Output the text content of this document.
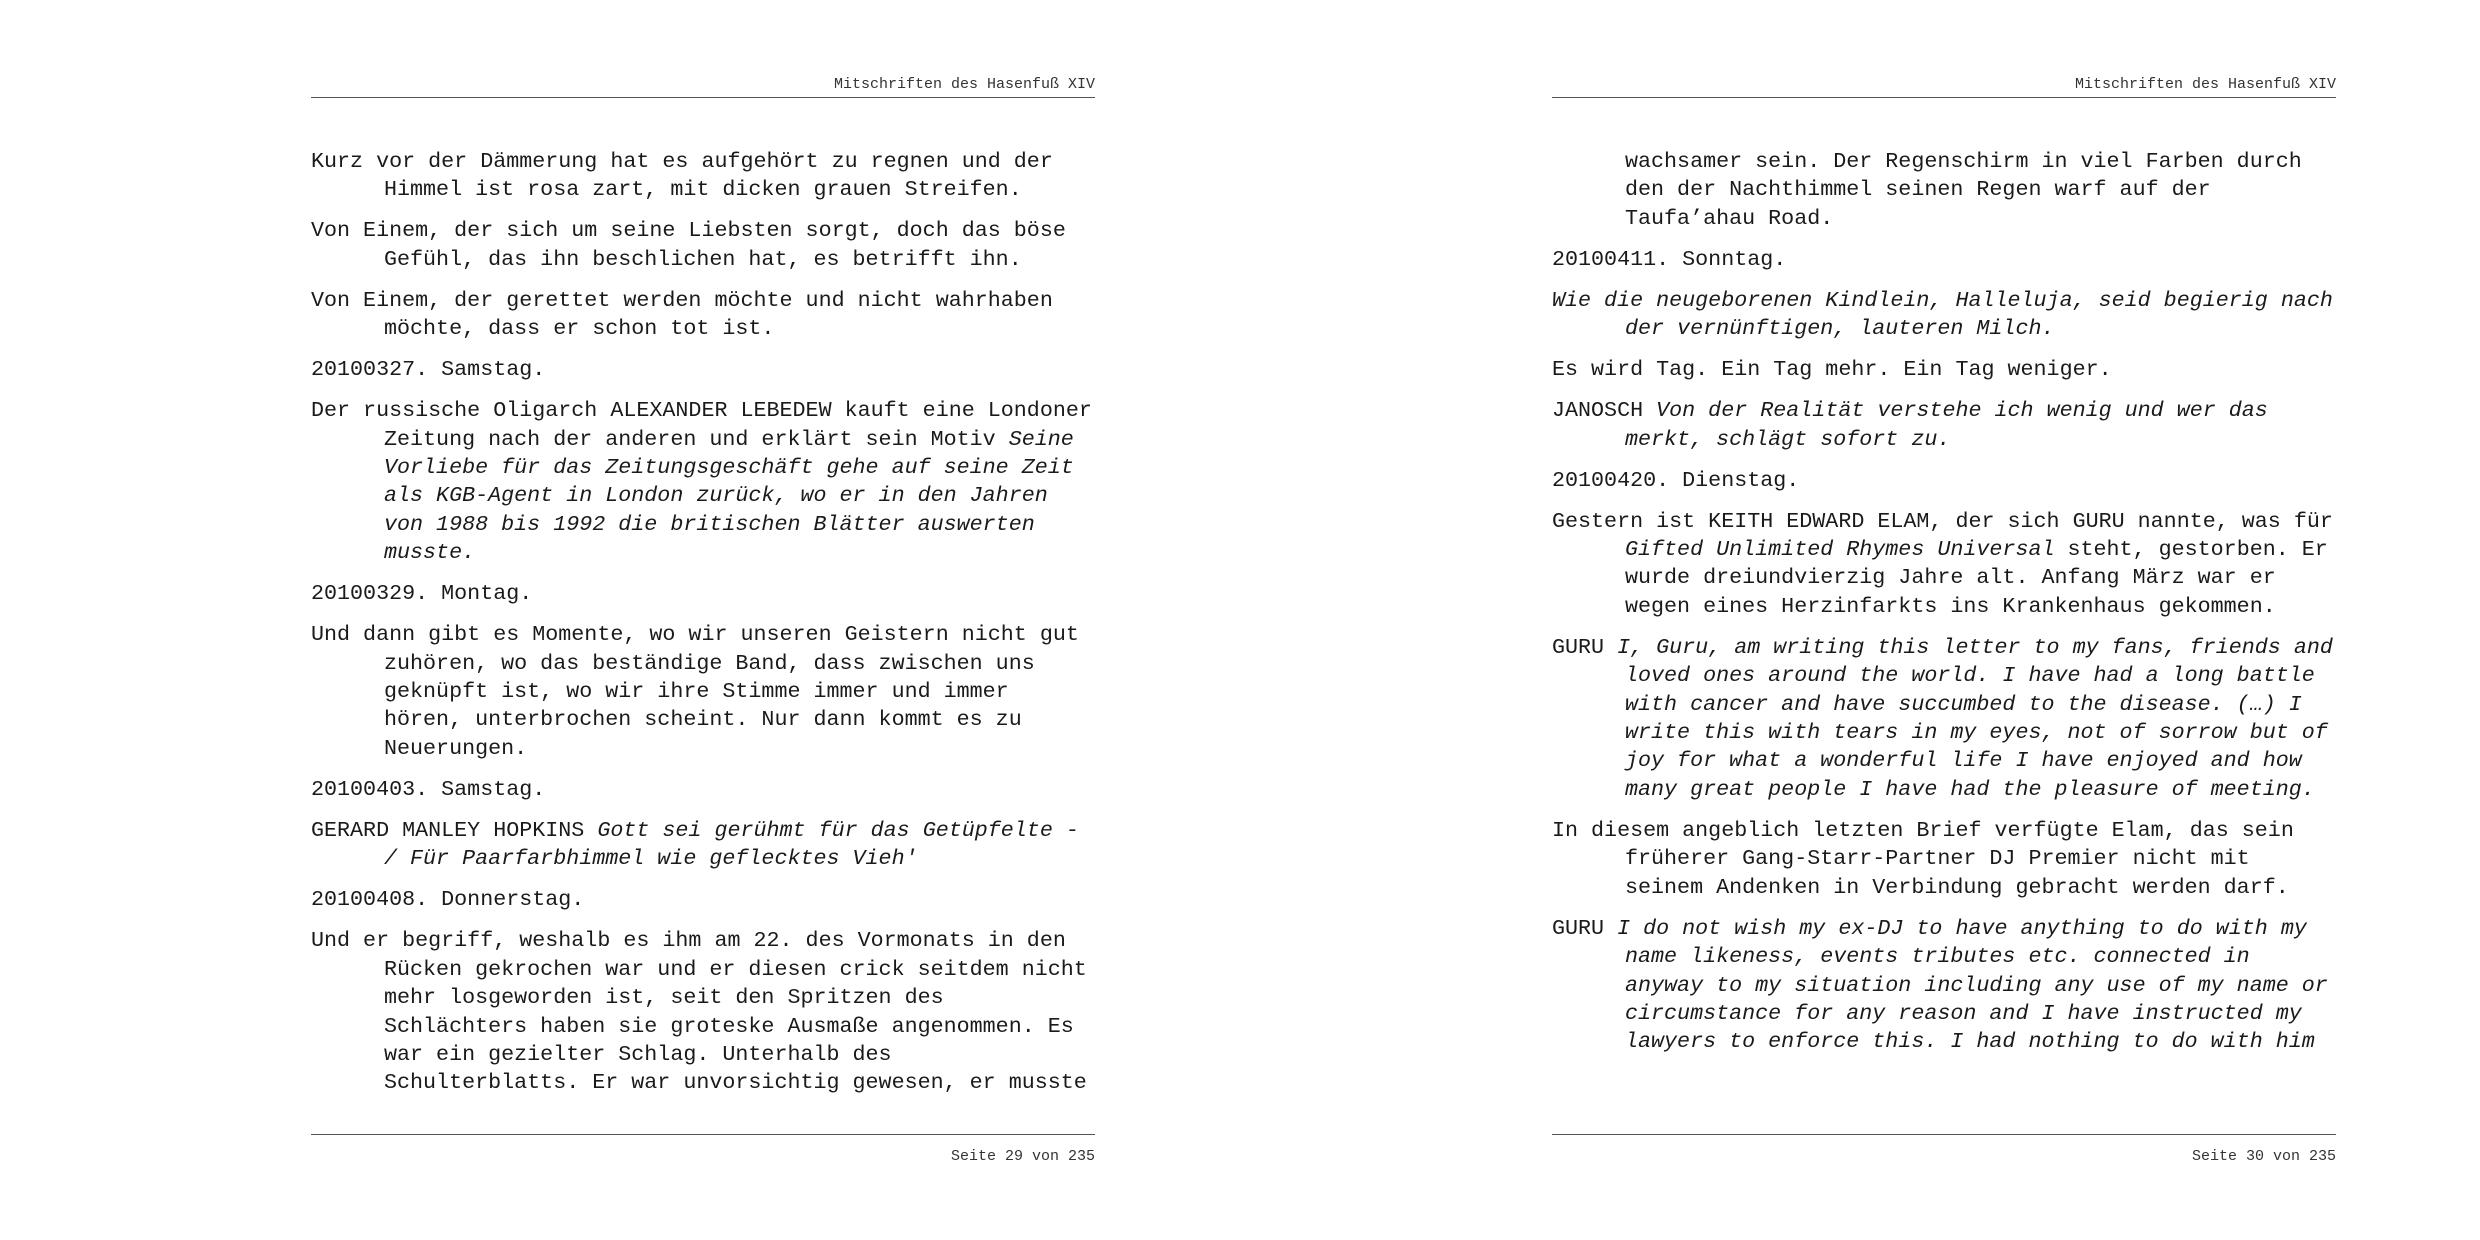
Mitschriften des Hasenfuß XIV

Kurz vor der Dämmerung hat es aufgehört zu regnen und der Himmel ist rosa zart, mit dicken grauen Streifen.

Von Einem, der sich um seine Liebsten sorgt, doch das böse Gefühl, das ihn beschlichen hat, es betrifft ihn.

Von Einem, der gerettet werden möchte und nicht wahrhaben möchte, dass er schon tot ist.

20100327. Samstag.

Der russische Oligarch ALEXANDER LEBEDEW kauft eine Londoner Zeitung nach der anderen und erklärt sein Motiv Seine Vorliebe für das Zeitungsgeschäft gehe auf seine Zeit als KGB-Agent in London zurück, wo er in den Jahren von 1988 bis 1992 die britischen Blätter auswerten musste.

20100329. Montag.

Und dann gibt es Momente, wo wir unseren Geistern nicht gut zuhören, wo das beständige Band, dass zwischen uns geknüpft ist, wo wir ihre Stimme immer und immer hören, unterbrochen scheint. Nur dann kommt es zu Neuerungen.

20100403. Samstag.

GERARD MANLEY HOPKINS Gott sei gerühmt für das Getüpfelte - / Für Paarfarbhimmel wie geflecktes Vieh'

20100408. Donnerstag.

Und er begriff, weshalb es ihm am 22. des Vormonats in den Rücken gekrochen war und er diesen crick seitdem nicht mehr losgeworden ist, seit den Spritzen des Schlächters haben sie groteske Ausmaße angenommen. Es war ein gezielter Schlag. Unterhalb des Schulterblatts. Er war unvorsichtig gewesen, er musste

Seite 29 von 235
Mitschriften des Hasenfuß XIV

wachsamer sein. Der Regenschirm in viel Farben durch den der Nachthimmel seinen Regen warf auf der Taufa’ahau Road.

20100411. Sonntag.

Wie die neugeborenen Kindlein, Halleluja, seid begierig nach der vernünftigen, lauteren Milch.

Es wird Tag. Ein Tag mehr. Ein Tag weniger.

JANOSCH Von der Realität verstehe ich wenig und wer das merkt, schlägt sofort zu.

20100420. Dienstag.

Gestern ist KEITH EDWARD ELAM, der sich GURU nannte, was für Gifted Unlimited Rhymes Universal steht, gestorben. Er wurde dreiundvierzig Jahre alt. Anfang März war er wegen eines Herzinfarkts ins Krankenhaus gekommen.

GURU I, Guru, am writing this letter to my fans, friends and loved ones around the world. I have had a long battle with cancer and have succumbed to the disease. (…) I write this with tears in my eyes, not of sorrow but of joy for what a wonderful life I have enjoyed and how many great people I have had the pleasure of meeting.

In diesem angeblich letzten Brief verfügte Elam, das sein früherer Gang-Starr-Partner DJ Premier nicht mit seinem Andenken in Verbindung gebracht werden darf.

GURU I do not wish my ex-DJ to have anything to do with my name likeness, events tributes etc. connected in anyway to my situation including any use of my name or circumstance for any reason and I have instructed my lawyers to enforce this. I had nothing to do with him

Seite 30 von 235
